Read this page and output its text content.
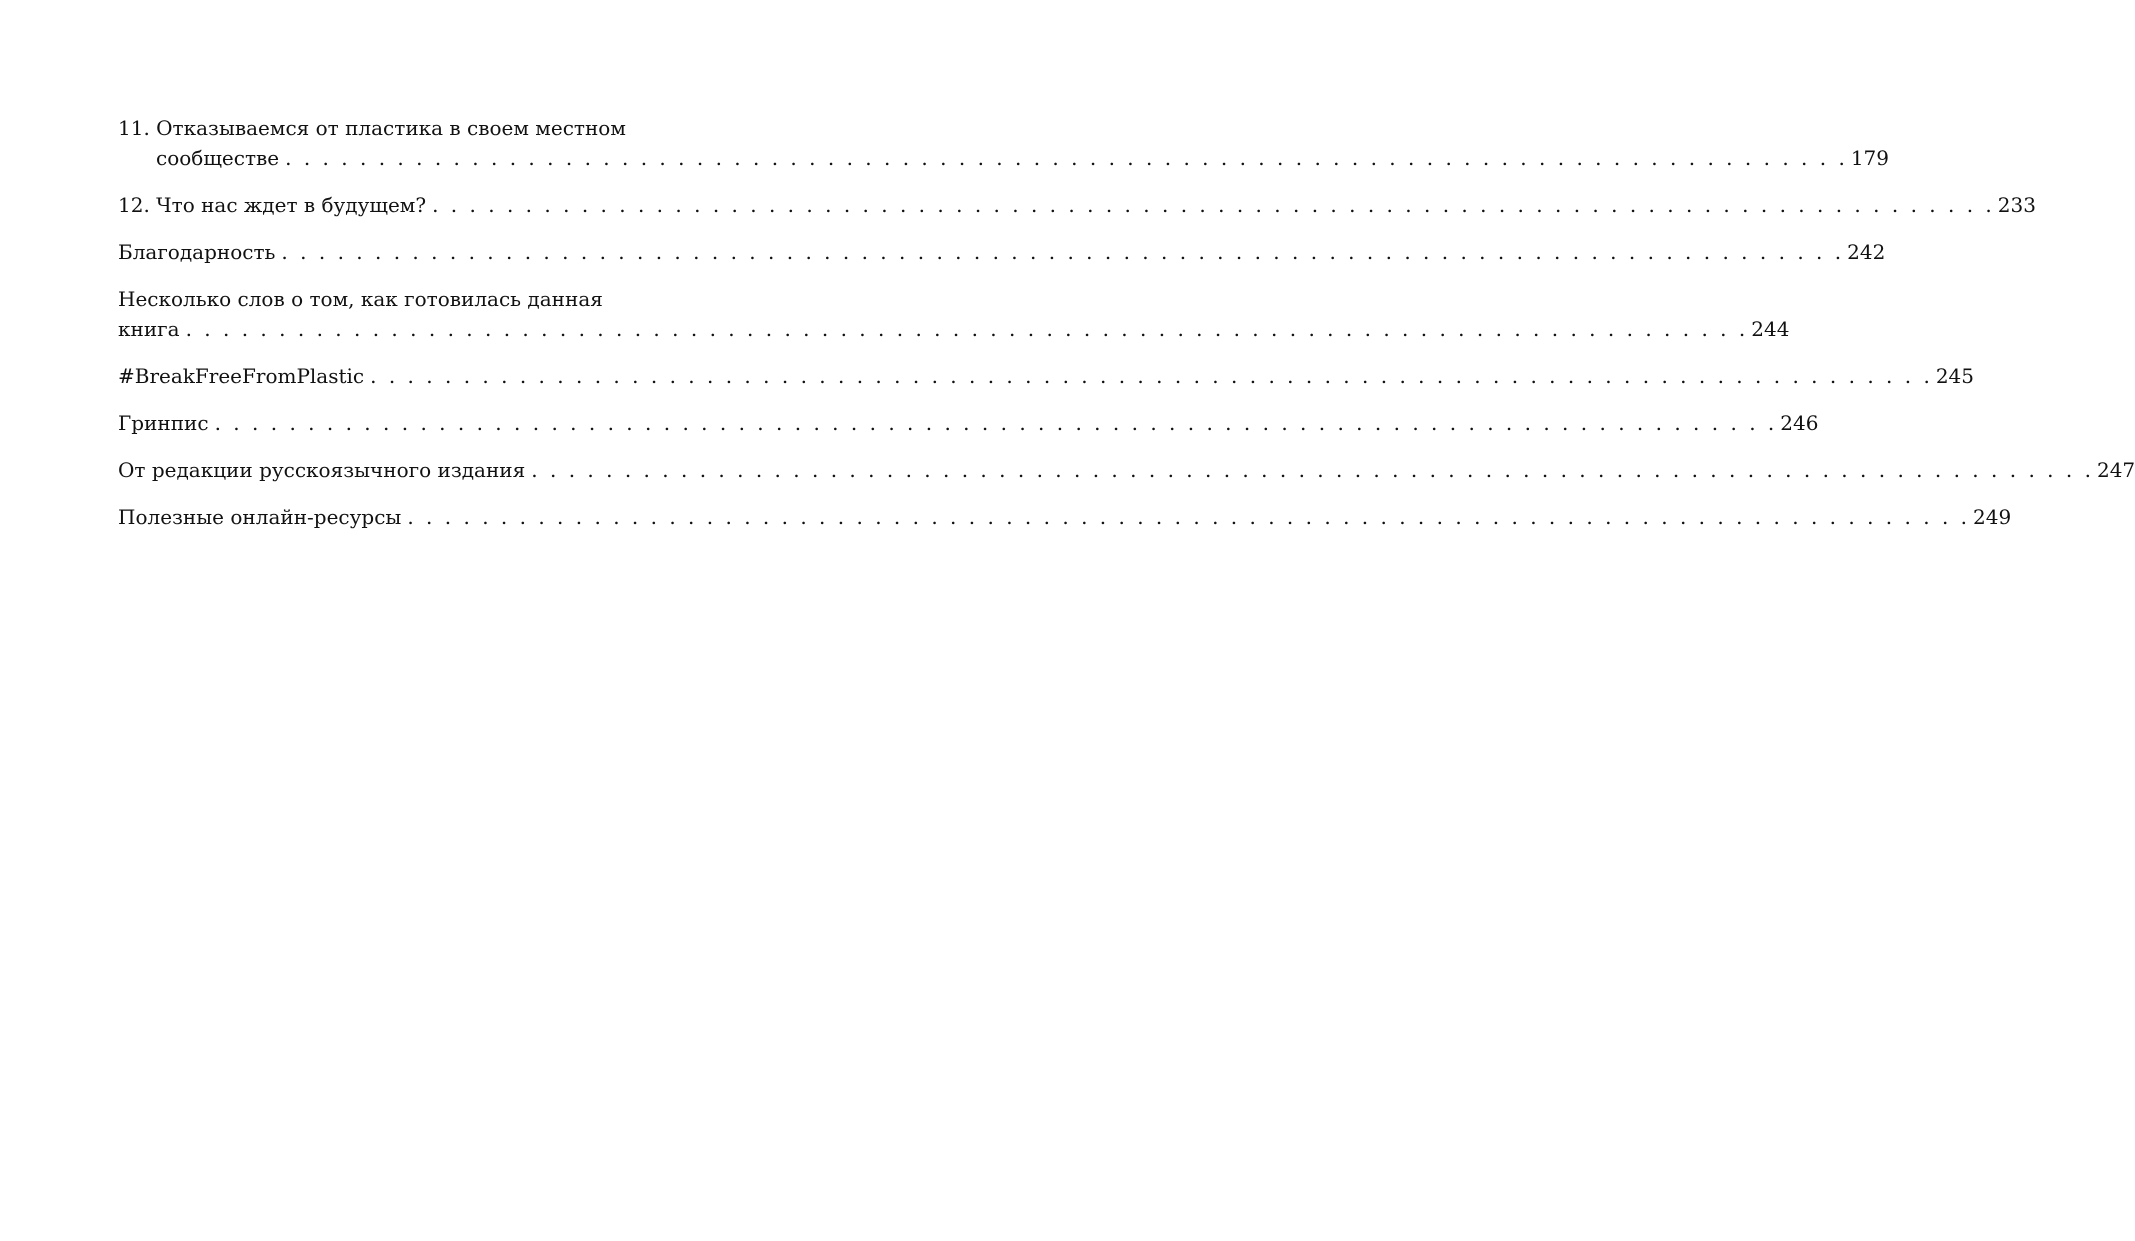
11. Отказываемся от пластика в своем местном
сообществе . . . . . . . . . . . . . . . . . . . . . . . . . . . . . . . . . . . . . . . . . . . . . . . . . . . . . . . . . . . . . . . . . . . . . . . . . . . . . . . . . . . . 179
12. Что нас ждет в будущем? . . . . . . . . . . . . . . . . . . . . . . . . . . . . . . . . . . . . . . . . . . . . . . . . . . . . . . . . . . . . . . . . . . . . . . . . . . . . . . . . . . . . 233
Благодарность . . . . . . . . . . . . . . . . . . . . . . . . . . . . . . . . . . . . . . . . . . . . . . . . . . . . . . . . . . . . . . . . . . . . . . . . . . . . . . . . . . . . 242
Несколько слов о том, как готовилась данная
книга . . . . . . . . . . . . . . . . . . . . . . . . . . . . . . . . . . . . . . . . . . . . . . . . . . . . . . . . . . . . . . . . . . . . . . . . . . . . . . . . . . . . 244
#BreakFreeFromPlastic . . . . . . . . . . . . . . . . . . . . . . . . . . . . . . . . . . . . . . . . . . . . . . . . . . . . . . . . . . . . . . . . . . . . . . . . . . . . . . . . . . . . 245
Гринпис . . . . . . . . . . . . . . . . . . . . . . . . . . . . . . . . . . . . . . . . . . . . . . . . . . . . . . . . . . . . . . . . . . . . . . . . . . . . . . . . . . . . 246
От редакции русскоязычного издания . . . . . . . . . . . . . . . . . . . . . . . . . . . . . . . . . . . . . . . . . . . . . . . . . . . . . . . . . . . . . . . . . . . . . . . . . . . . . . . . . . . . 247
Полезные онлайн-ресурсы . . . . . . . . . . . . . . . . . . . . . . . . . . . . . . . . . . . . . . . . . . . . . . . . . . . . . . . . . . . . . . . . . . . . . . . . . . . . . . . . . . . . 249
